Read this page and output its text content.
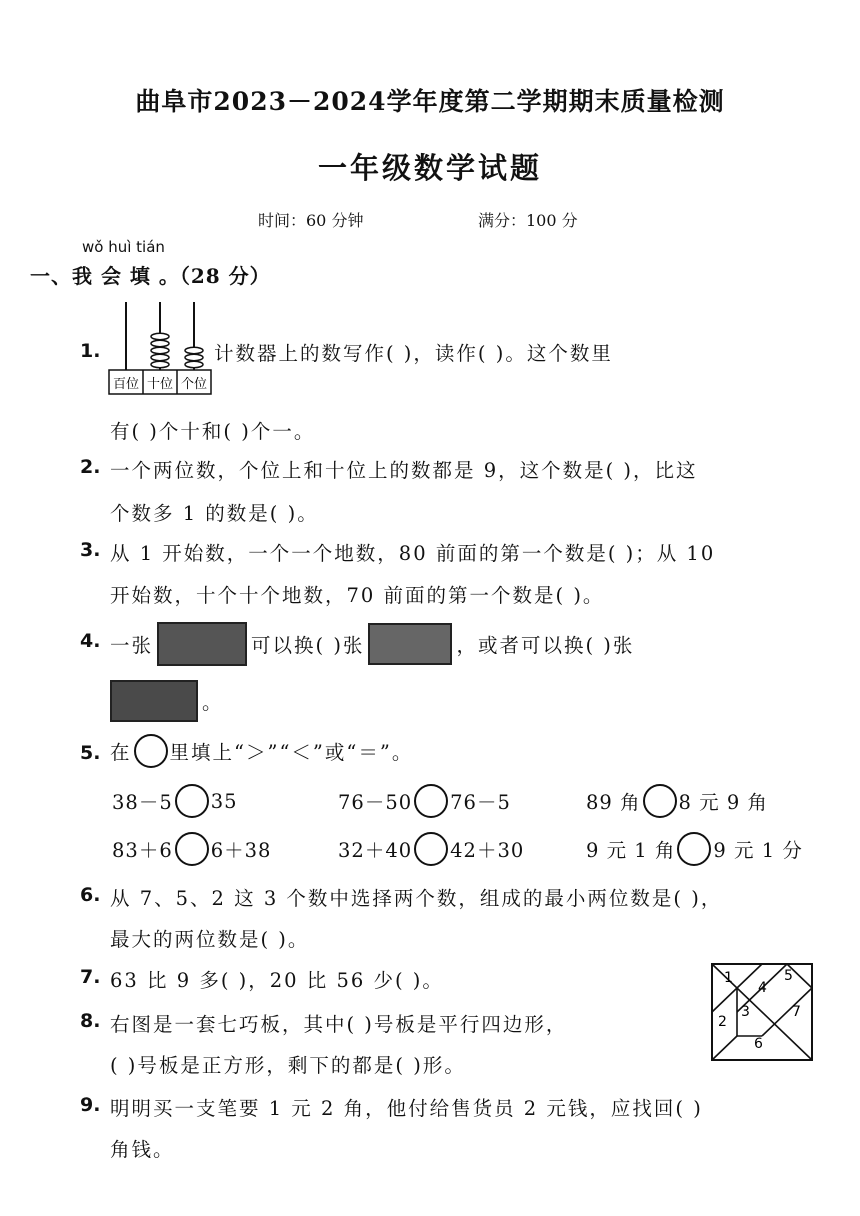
曲阜市2023－2024学年度第二学期期末质量检测
一年级数学试题
时间：60 分钟	满分：100 分
wǒ huì tián
一、我 会 填 。（28 分）
1.
百位 十位 个位
计数器上的数写作( )，读作( )。这个数里
有( )个十和( )个一。
2. 一个两位数，个位上和十位上的数都是 9，这个数是( )，比这
个数多 1 的数是( )。
3. 从 1 开始数，一个一个地数，80 前面的第一个数是( )；从 10
开始数，十个十个地数，70 前面的第一个数是( )。
4. 一张	可以换( )张	，或者可以换( )张
。
5. 在 里填上“＞”“＜”或“＝”。
38－5 35	76－50 76－5	89 角 8 元 9 角
83＋6 6＋38	32＋40 42＋30	9 元 1 角 9 元 1 分
6. 从 7、5、2 这 3 个数中选择两个数，组成的最小两位数是( )，
最大的两位数是( )。
7. 63 比 9 多( )，20 比 56 少( )。	1
2
3
4
5
6
7
8. 右图是一套七巧板，其中( )号板是平行四边形，
( )号板是正方形，剩下的都是( )形。
9. 明明买一支笔要 1 元 2 角，他付给售货员 2 元钱，应找回( )
角钱。
